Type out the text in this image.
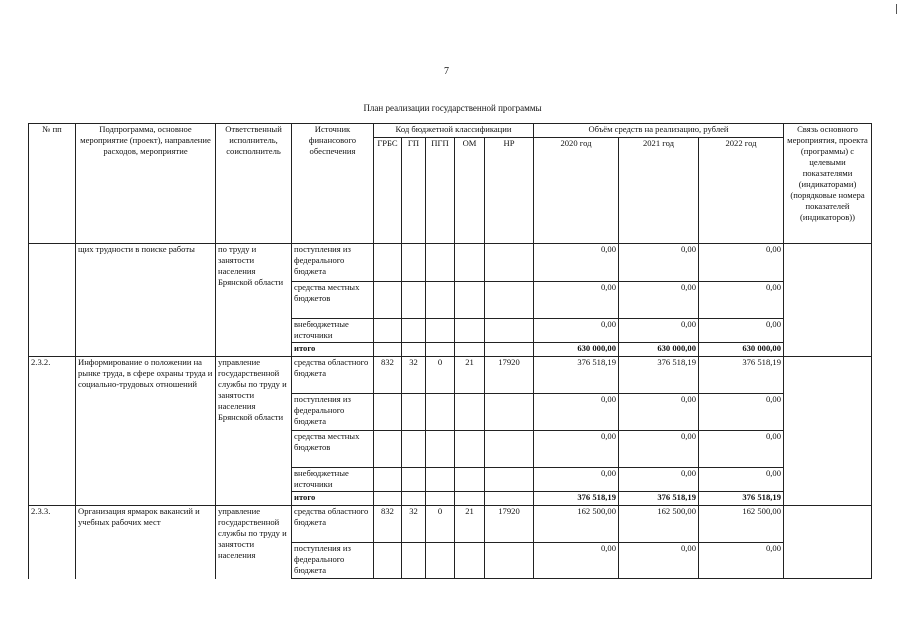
7
План реализации государственной программы
№ пп	Подпрограмма, основное мероприятие (проект), направление расходов, мероприятие	Ответственный исполнитель, соисполнитель	Источник финансового обеспечения	Код бюджетной классификации					Объём средств на реализацию, рублей			Связь основного мероприятия, проекта (программы) с целевыми показателями (индикаторами) (порядковые номера показателей (индикаторов))
				ГРБС	ГП	ПГП	ОМ	НР	2020 год	2021 год	2022 год	
	щих трудности в поиске работы	по труду и занятости населения Брянской области	поступления из федерального бюджета						0,00	0,00	0,00	
			средства местных бюджетов						0,00	0,00	0,00	
			внебюджетные источники						0,00	0,00	0,00	
			итого						630 000,00	630 000,00	630 000,00	
2.3.2.	Информирование о положении на рынке труда, в сфере охраны труда и социально-трудовых отношений	управление государственной службы по труду и занятости населения Брянской области	средства областного бюджета	832	32	0	21	17920	376 518,19	376 518,19	376 518,19	
			поступления из федерального бюджета						0,00	0,00	0,00	
			средства местных бюджетов						0,00	0,00	0,00	
			внебюджетные источники						0,00	0,00	0,00	
			итого						376 518,19	376 518,19	376 518,19	
2.3.3.	Организация ярмарок вакансий и учебных рабочих мест	управление государственной службы по труду и занятости населения	средства областного бюджета	832	32	0	21	17920	162 500,00	162 500,00	162 500,00	
			поступления из федерального бюджета						0,00	0,00	0,00	
